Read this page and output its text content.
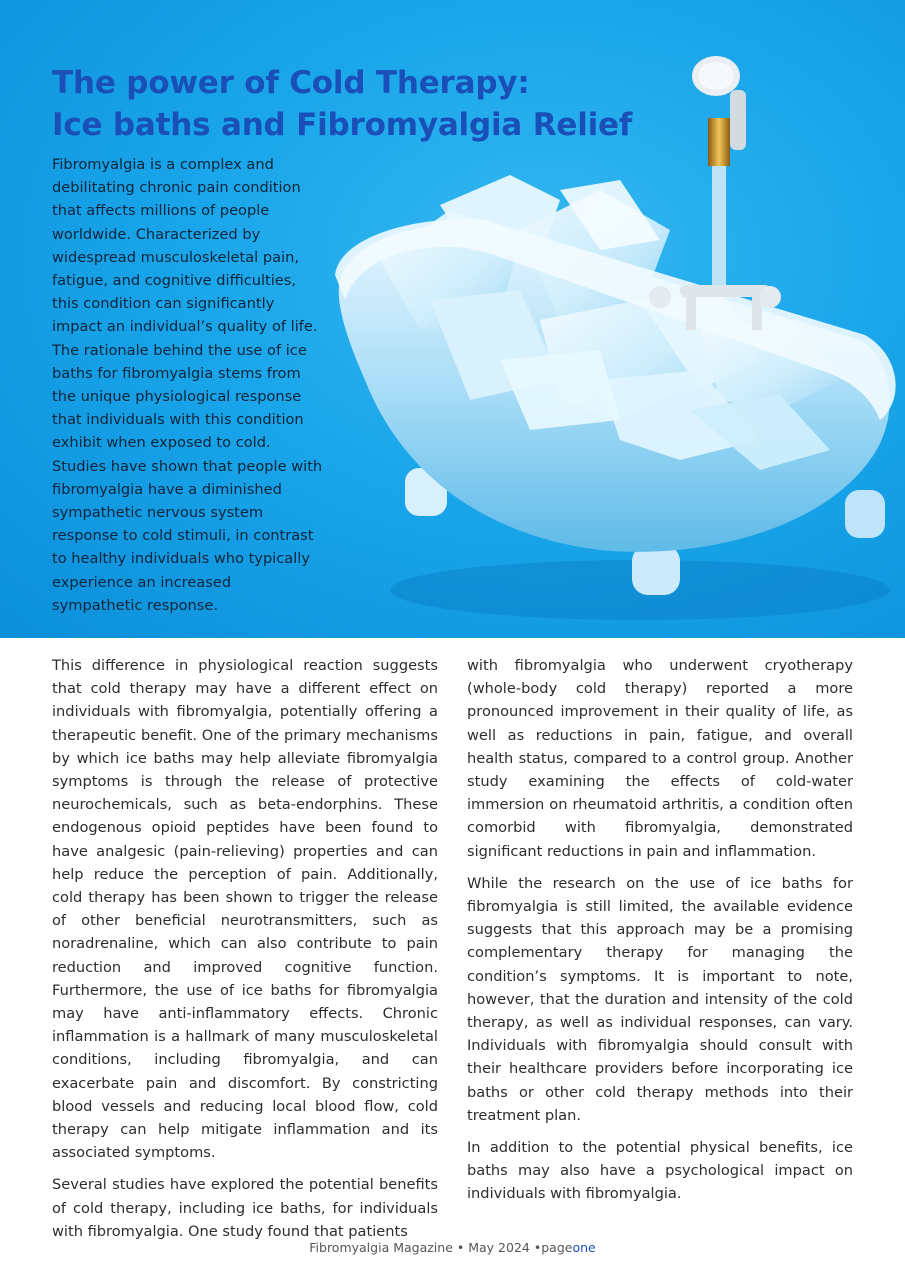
The power of Cold Therapy:
Ice baths and Fibromyalgia Relief

Fibromyalgia is a complex and debilitating chronic pain condition that affects millions of people worldwide. Characterized by widespread musculoskeletal pain, fatigue, and cognitive difficulties, this condition can significantly impact an individual’s quality of life. The rationale behind the use of ice baths for fibromyalgia stems from the unique physiological response that individuals with this condition exhibit when exposed to cold. Studies have shown that people with fibromyalgia have a diminished sympathetic nervous system response to cold stimuli, in contrast to healthy individuals who typically experience an increased sympathetic response.

This difference in physiological reaction suggests that cold therapy may have a different effect on individuals with fibromyalgia, potentially offering a therapeutic benefit. One of the primary mechanisms by which ice baths may help alleviate fibromyalgia symptoms is through the release of protective neurochemicals, such as beta-endorphins. These endogenous opioid peptides have been found to have analgesic (pain-relieving) properties and can help reduce the perception of pain. Additionally, cold therapy has been shown to trigger the release of other beneficial neurotransmitters, such as noradrenaline, which can also contribute to pain reduction and improved cognitive function. Furthermore, the use of ice baths for fibromyalgia may have anti-inflammatory effects. Chronic inflammation is a hallmark of many musculoskeletal conditions, including fibromyalgia, and can exacerbate pain and discomfort. By constricting blood vessels and reducing local blood flow, cold therapy can help mitigate inflammation and its associated symptoms.

Several studies have explored the potential benefits of cold therapy, including ice baths, for individuals with fibromyalgia. One study found that patients

with fibromyalgia who underwent cryotherapy (whole-body cold therapy) reported a more pronounced improvement in their quality of life, as well as reductions in pain, fatigue, and overall health status, compared to a control group. Another study examining the effects of cold-water immersion on rheumatoid arthritis, a condition often comorbid with fibromyalgia, demonstrated significant reductions in pain and inflammation.

While the research on the use of ice baths for fibromyalgia is still limited, the available evidence suggests that this approach may be a promising complementary therapy for managing the condition’s symptoms. It is important to note, however, that the duration and intensity of the cold therapy, as well as individual responses, can vary. Individuals with fibromyalgia should consult with their healthcare providers before incorporating ice baths or other cold therapy methods into their treatment plan.

In addition to the potential physical benefits, ice baths may also have a psychological impact on individuals with fibromyalgia.

Fibromyalgia Magazine • May 2024 •pageone
